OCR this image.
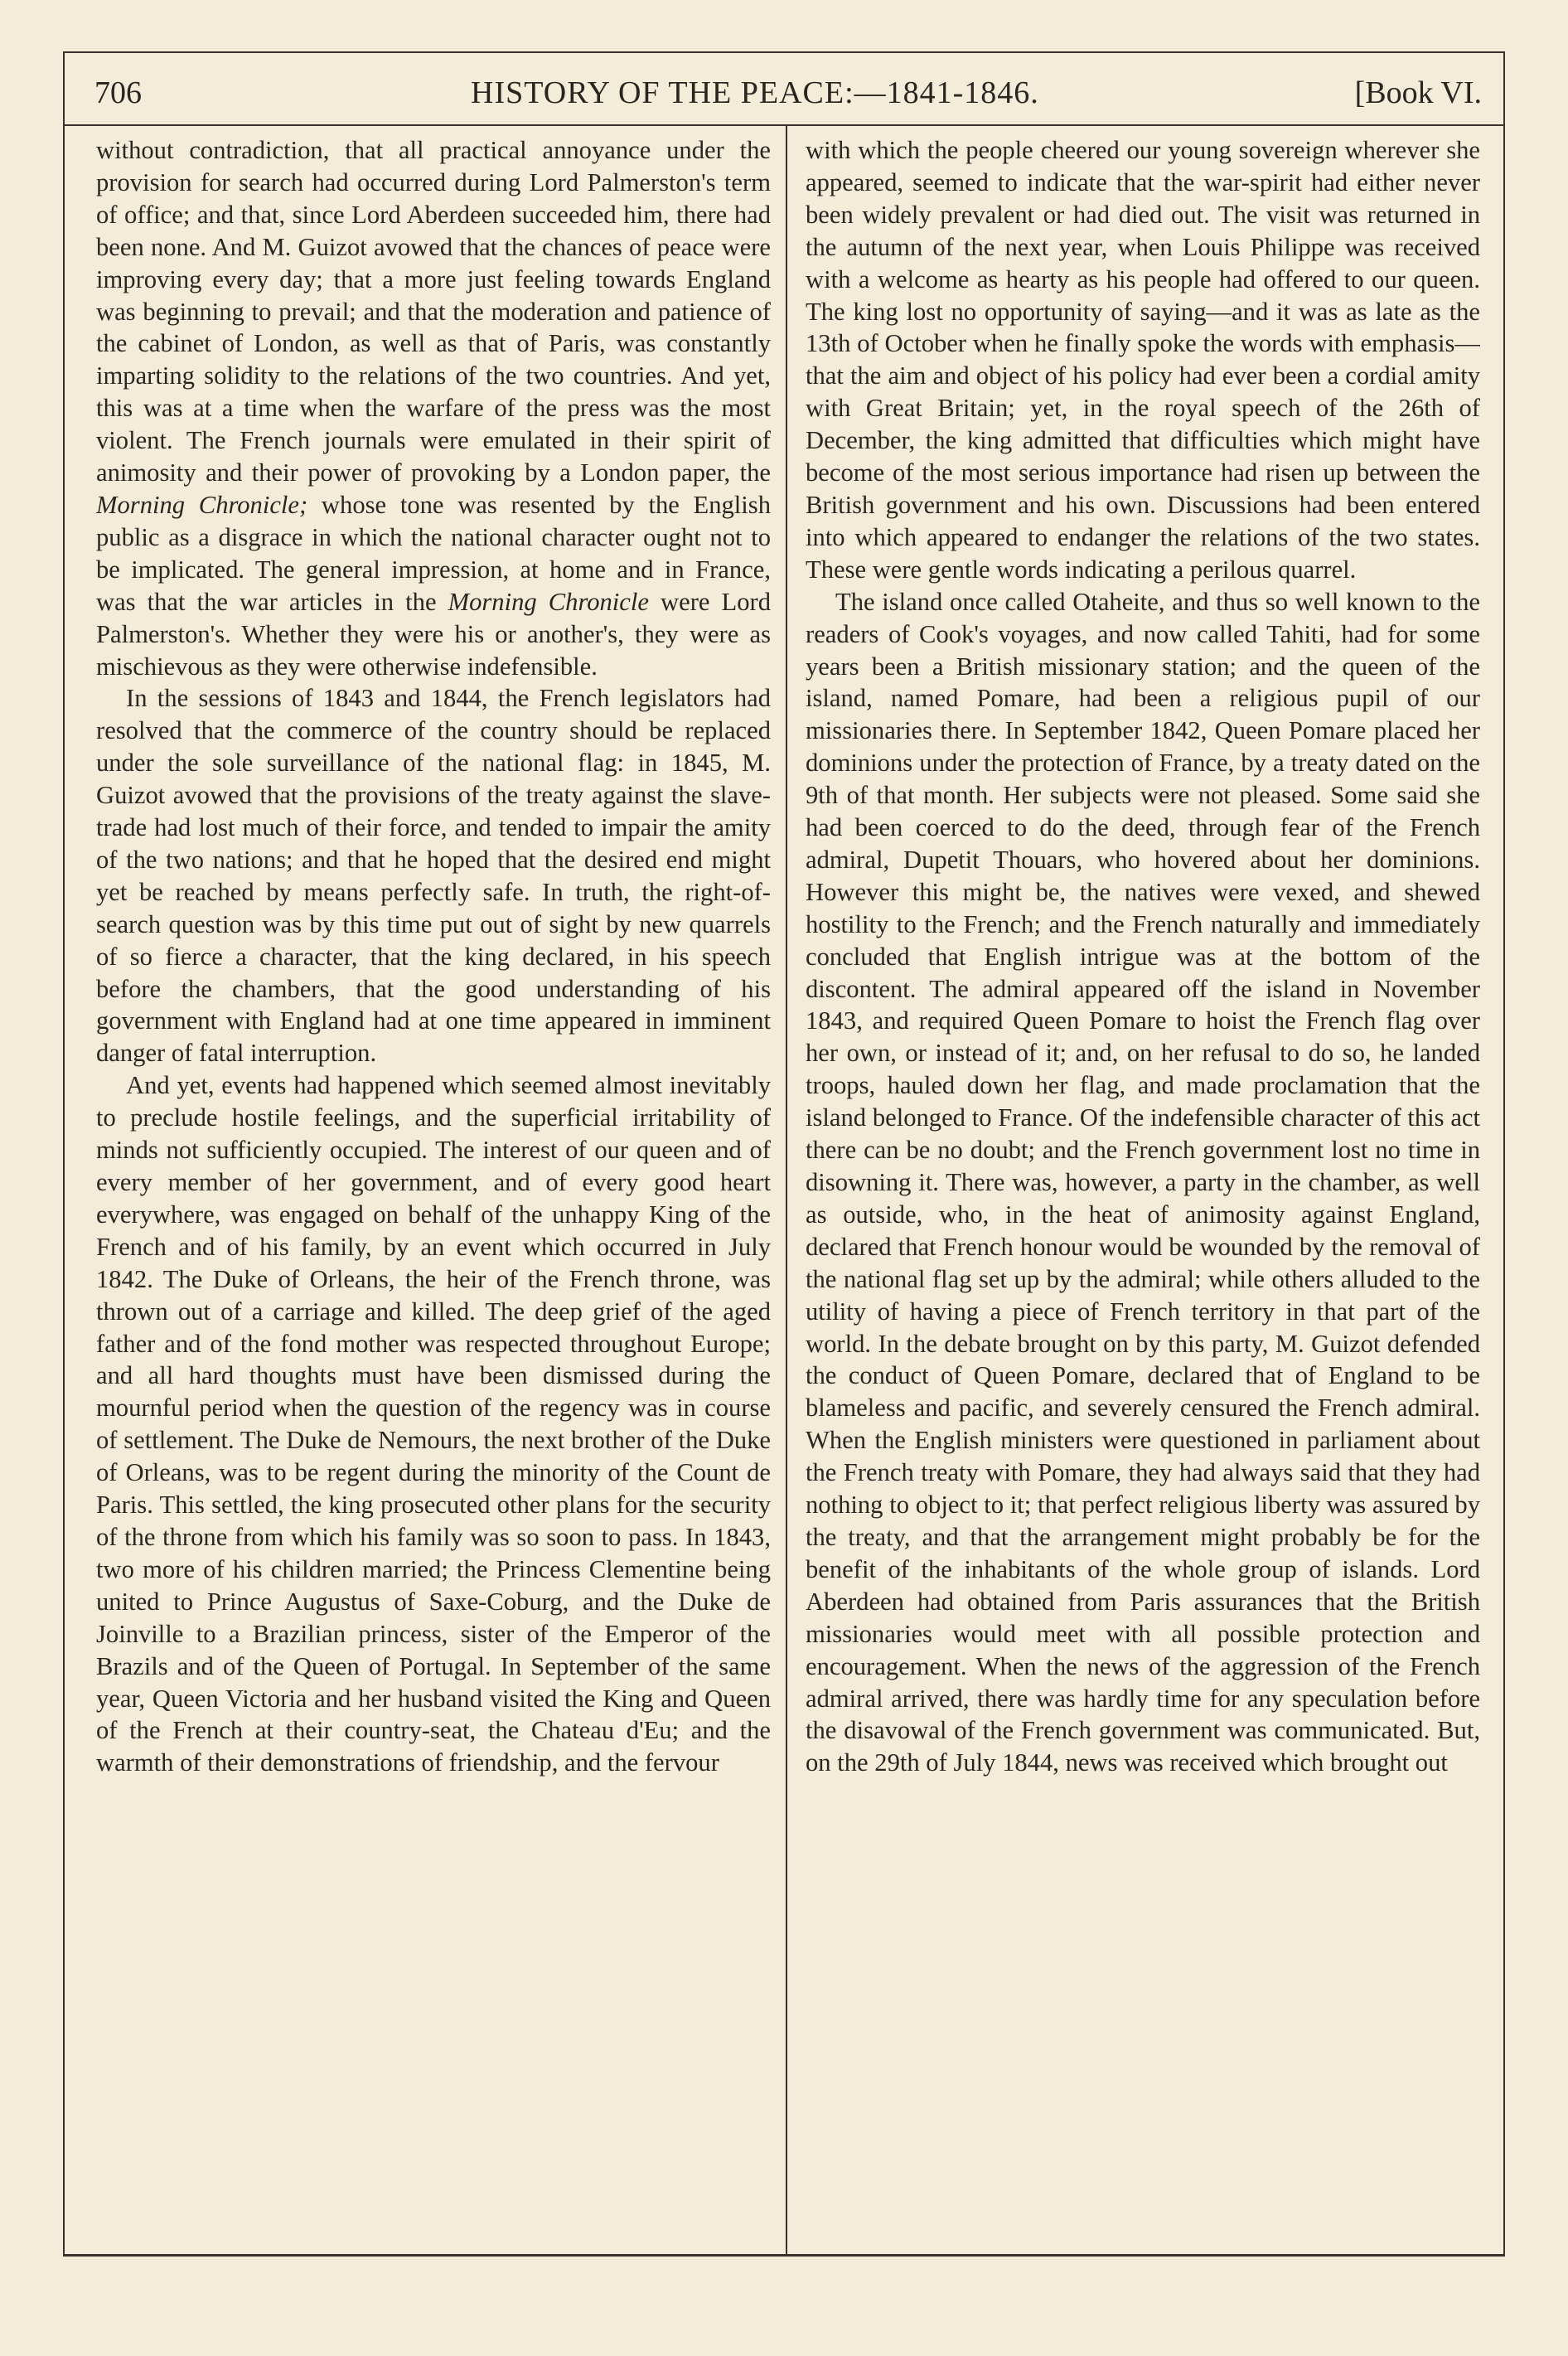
706	HISTORY OF THE PEACE:—1841-1846.	[Book VI.

without contradiction, that all practical annoyance under the provision for search had occurred during Lord Palmerston's term of office; and that, since Lord Aberdeen succeeded him, there had been none. And M. Guizot avowed that the chances of peace were improving every day; that a more just feeling towards England was beginning to prevail; and that the moderation and patience of the cabinet of London, as well as that of Paris, was constantly imparting solidity to the relations of the two countries. And yet, this was at a time when the warfare of the press was the most violent. The French journals were emulated in their spirit of animosity and their power of provoking by a London paper, the Morning Chronicle; whose tone was resented by the English public as a disgrace in which the national character ought not to be implicated. The general impression, at home and in France, was that the war articles in the Morning Chronicle were Lord Palmerston's. Whether they were his or another's, they were as mischievous as they were otherwise indefensible.

In the sessions of 1843 and 1844, the French legislators had resolved that the commerce of the country should be replaced under the sole surveillance of the national flag: in 1845, M. Guizot avowed that the provisions of the treaty against the slave-trade had lost much of their force, and tended to impair the amity of the two nations; and that he hoped that the desired end might yet be reached by means perfectly safe. In truth, the right-of-search question was by this time put out of sight by new quarrels of so fierce a character, that the king declared, in his speech before the chambers, that the good understanding of his government with England had at one time appeared in imminent danger of fatal interruption.

And yet, events had happened which seemed almost inevitably to preclude hostile feelings, and the superficial irritability of minds not sufficiently occupied. The interest of our queen and of every member of her government, and of every good heart everywhere, was engaged on behalf of the unhappy King of the French and of his family, by an event which occurred in July 1842. The Duke of Orleans, the heir of the French throne, was thrown out of a carriage and killed. The deep grief of the aged father and of the fond mother was respected throughout Europe; and all hard thoughts must have been dismissed during the mournful period when the question of the regency was in course of settlement. The Duke de Nemours, the next brother of the Duke of Orleans, was to be regent during the minority of the Count de Paris. This settled, the king prosecuted other plans for the security of the throne from which his family was so soon to pass. In 1843, two more of his children married; the Princess Clementine being united to Prince Augustus of Saxe-Coburg, and the Duke de Joinville to a Brazilian princess, sister of the Emperor of the Brazils and of the Queen of Portugal. In September of the same year, Queen Victoria and her husband visited the King and Queen of the French at their country-seat, the Chateau d'Eu; and the warmth of their demonstrations of friendship, and the fervour

with which the people cheered our young sovereign wherever she appeared, seemed to indicate that the war-spirit had either never been widely prevalent or had died out. The visit was returned in the autumn of the next year, when Louis Philippe was received with a welcome as hearty as his people had offered to our queen. The king lost no opportunity of saying—and it was as late as the 13th of October when he finally spoke the words with emphasis—that the aim and object of his policy had ever been a cordial amity with Great Britain; yet, in the royal speech of the 26th of December, the king admitted that difficulties which might have become of the most serious importance had risen up between the British government and his own. Discussions had been entered into which appeared to endanger the relations of the two states. These were gentle words indicating a perilous quarrel.

The island once called Otaheite, and thus so well known to the readers of Cook's voyages, and now called Tahiti, had for some years been a British missionary station; and the queen of the island, named Pomare, had been a religious pupil of our missionaries there. In September 1842, Queen Pomare placed her dominions under the protection of France, by a treaty dated on the 9th of that month. Her subjects were not pleased. Some said she had been coerced to do the deed, through fear of the French admiral, Dupetit Thouars, who hovered about her dominions. However this might be, the natives were vexed, and shewed hostility to the French; and the French naturally and immediately concluded that English intrigue was at the bottom of the discontent. The admiral appeared off the island in November 1843, and required Queen Pomare to hoist the French flag over her own, or instead of it; and, on her refusal to do so, he landed troops, hauled down her flag, and made proclamation that the island belonged to France. Of the indefensible character of this act there can be no doubt; and the French government lost no time in disowning it. There was, however, a party in the chamber, as well as outside, who, in the heat of animosity against England, declared that French honour would be wounded by the removal of the national flag set up by the admiral; while others alluded to the utility of having a piece of French territory in that part of the world. In the debate brought on by this party, M. Guizot defended the conduct of Queen Pomare, declared that of England to be blameless and pacific, and severely censured the French admiral. When the English ministers were questioned in parliament about the French treaty with Pomare, they had always said that they had nothing to object to it; that perfect religious liberty was assured by the treaty, and that the arrangement might probably be for the benefit of the inhabitants of the whole group of islands. Lord Aberdeen had obtained from Paris assurances that the British missionaries would meet with all possible protection and encouragement. When the news of the aggression of the French admiral arrived, there was hardly time for any speculation before the disavowal of the French government was communicated. But, on the 29th of July 1844, news was received which brought out
